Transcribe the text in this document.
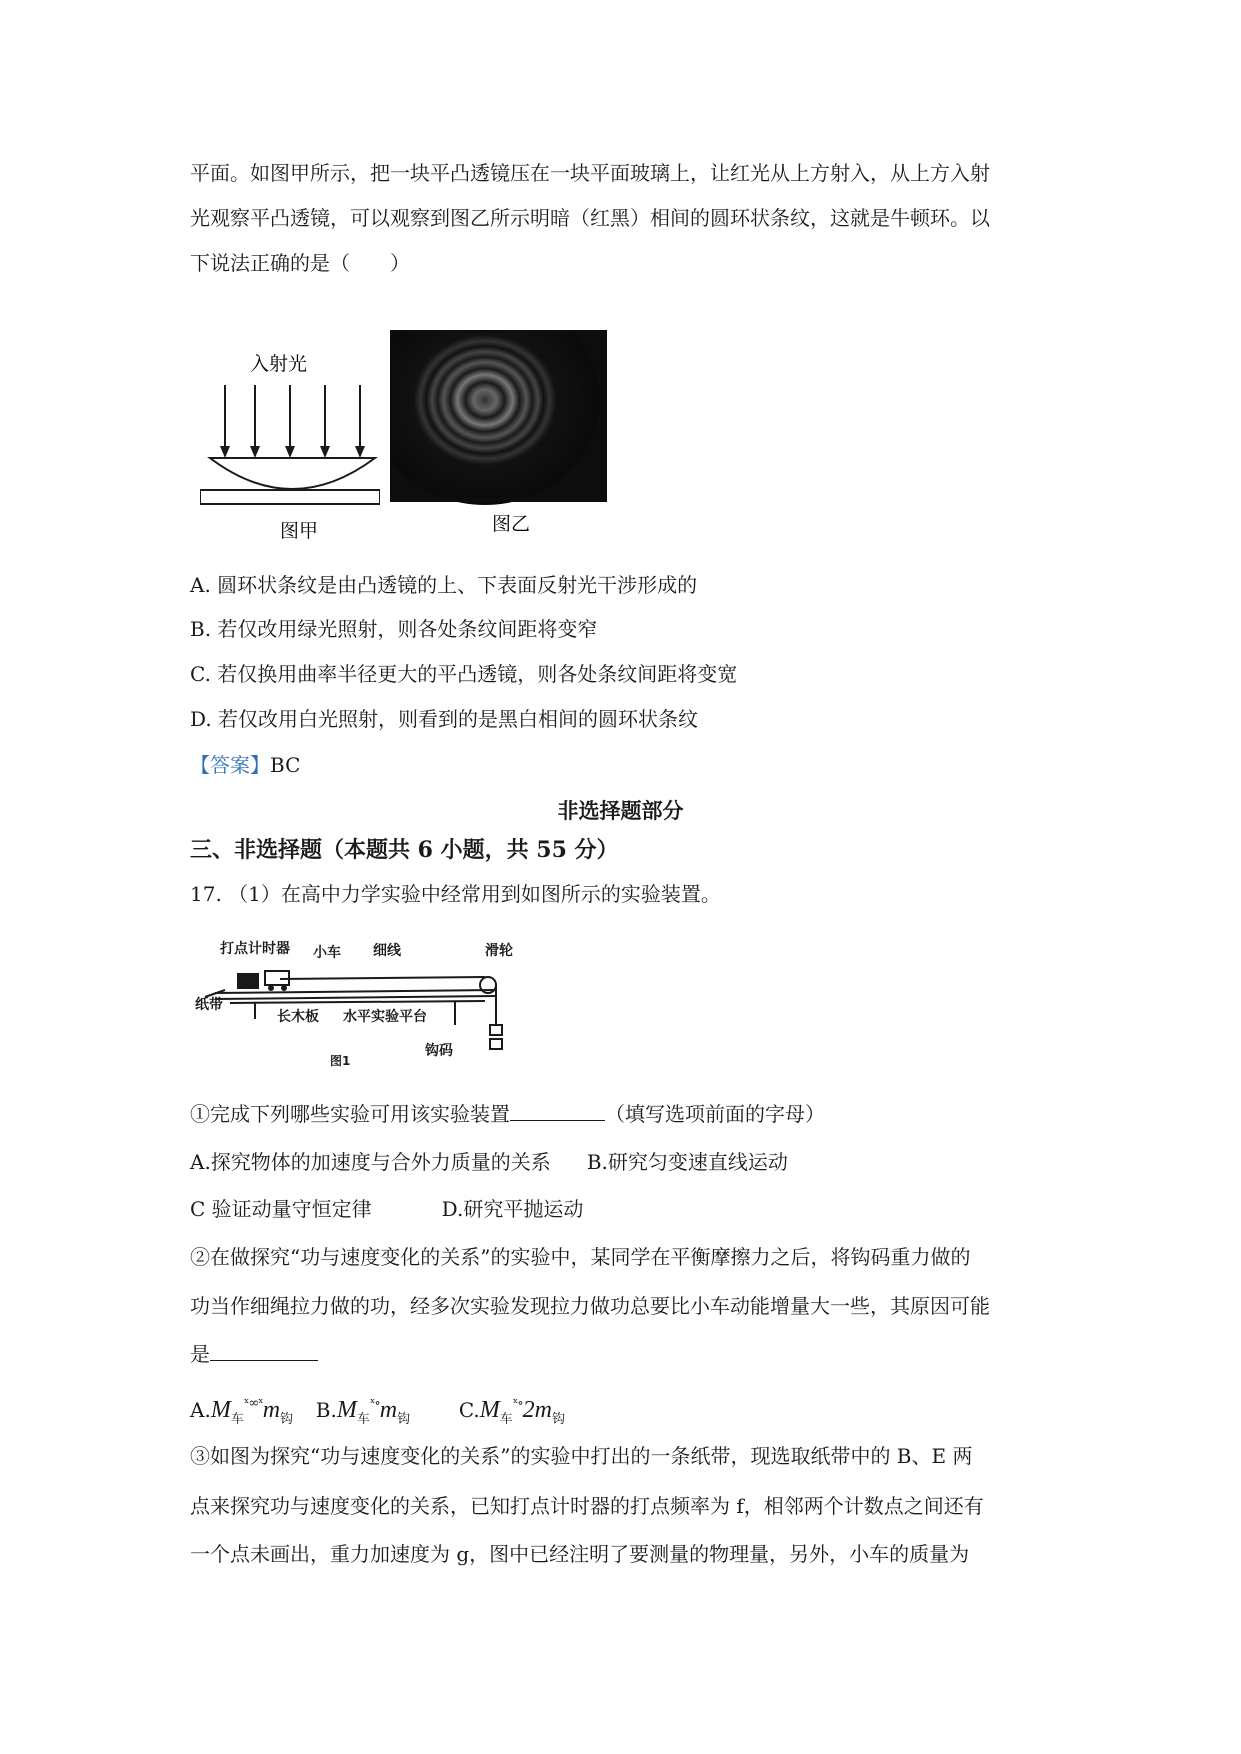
平面。如图甲所示，把一块平凸透镜压在一块平面玻璃上，让红光从上方射入，从上方入射
光观察平凸透镜，可以观察到图乙所示明暗（红黑）相间的圆环状条纹，这就是牛顿环。以
下说法正确的是（　　）
入射光
图甲	图乙
A. 圆环状条纹是由凸透镜的上、下表面反射光干涉形成的
B. 若仅改用绿光照射，则各处条纹间距将变窄
C. 若仅换用曲率半径更大的平凸透镜，则各处条纹间距将变宽
D. 若仅改用白光照射，则看到的是黑白相间的圆环状条纹
【答案】BC
非选择题部分
三、非选择题（本题共 6 小题，共 55 分）
17. （1）在高中力学实验中经常用到如图所示的实验装置。
打点计时器 小车 细线	滑轮
纸带
长木板 水平实验平台
钩码
图1
①完成下列哪些实验可用该实验装置	（填写选项前面的字母）
A.探究物体的加速度与合外力质量的关系 B.研究匀变速直线运动
C 验证动量守恒定律	D.研究平抛运动
②在做探究“功与速度变化的关系”的实验中，某同学在平衡摩擦力之后，将钩码重力做的
功当作细绳拉力做的功，经多次实验发现拉力做功总要比小车动能增量大一些，其原因可能
是
$A.M_车^{ˣ\infty ˣ}m_钩$ $B.M_车^{ˣ\circ}m_钩$ $C.M_车^{ˣ\circ}2m_钩$
③如图为探究“功与速度变化的关系”的实验中打出的一条纸带，现选取纸带中的 B、E 两
点来探究功与速度变化的关系，已知打点计时器的打点频率为 f，相邻两个计数点之间还有
一个点未画出，重力加速度为 g，图中已经注明了要测量的物理量，另外，小车的质量为
